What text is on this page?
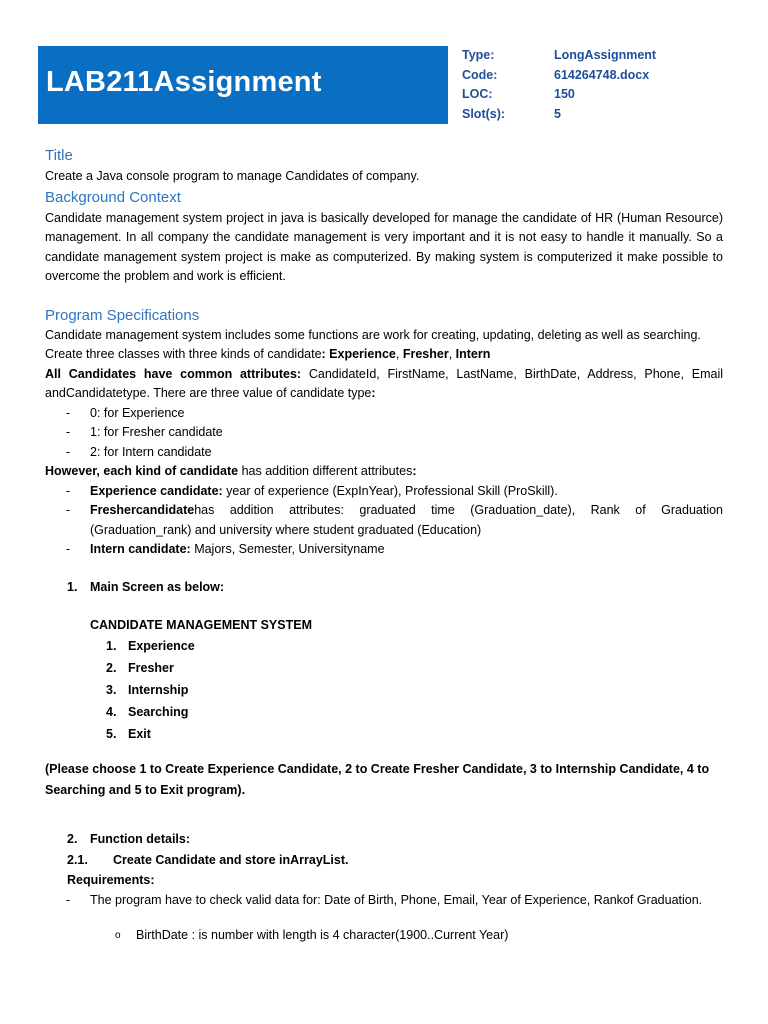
LAB211Assignment
Type:	LongAssignment
Code:	614264748.docx
LOC:	150
Slot(s):	5
Title
Create a Java console program to manage Candidates of company.
Background Context
Candidate management system project in java is basically developed for manage the candidate of HR (Human Resource) management. In all company the candidate management is very important and it is not easy to handle it manually. So a candidate management system project is make as computerized. By making system is computerized it make possible to overcome the problem and work is efficient.
Program Specifications
Candidate management system includes some functions are work for creating, updating, deleting as well as searching.
Create three classes with three kinds of candidate: Experience, Fresher, Intern
All Candidates have common attributes: CandidateId, FirstName, LastName, BirthDate, Address, Phone, Email andCandidatetype. There are three value of candidate type:
- 0: for Experience
- 1: for Fresher candidate
- 2: for Intern candidate
However, each kind of candidate has addition different attributes:
- Experience candidate: year of experience (ExpInYear), Professional Skill (ProSkill).
- Freshercandidatehas addition attributes: graduated time (Graduation_date), Rank of Graduation (Graduation_rank) and university where student graduated (Education)
- Intern candidate: Majors, Semester, Universityname
1.	Main Screen as below:
CANDIDATE MANAGEMENT SYSTEM
1. Experience
2. Fresher
3. Internship
4. Searching
5. Exit
(Please choose 1 to Create Experience Candidate, 2 to Create Fresher Candidate, 3 to Internship Candidate, 4 to Searching and 5 to Exit program).
2.	Function details:
2.1.	Create Candidate and store inArrayList.
Requirements:
- The program have to check valid data for: Date of Birth, Phone, Email, Year of Experience, Rankof Graduation.
o BirthDate : is number with length is 4 character(1900..Current Year)
